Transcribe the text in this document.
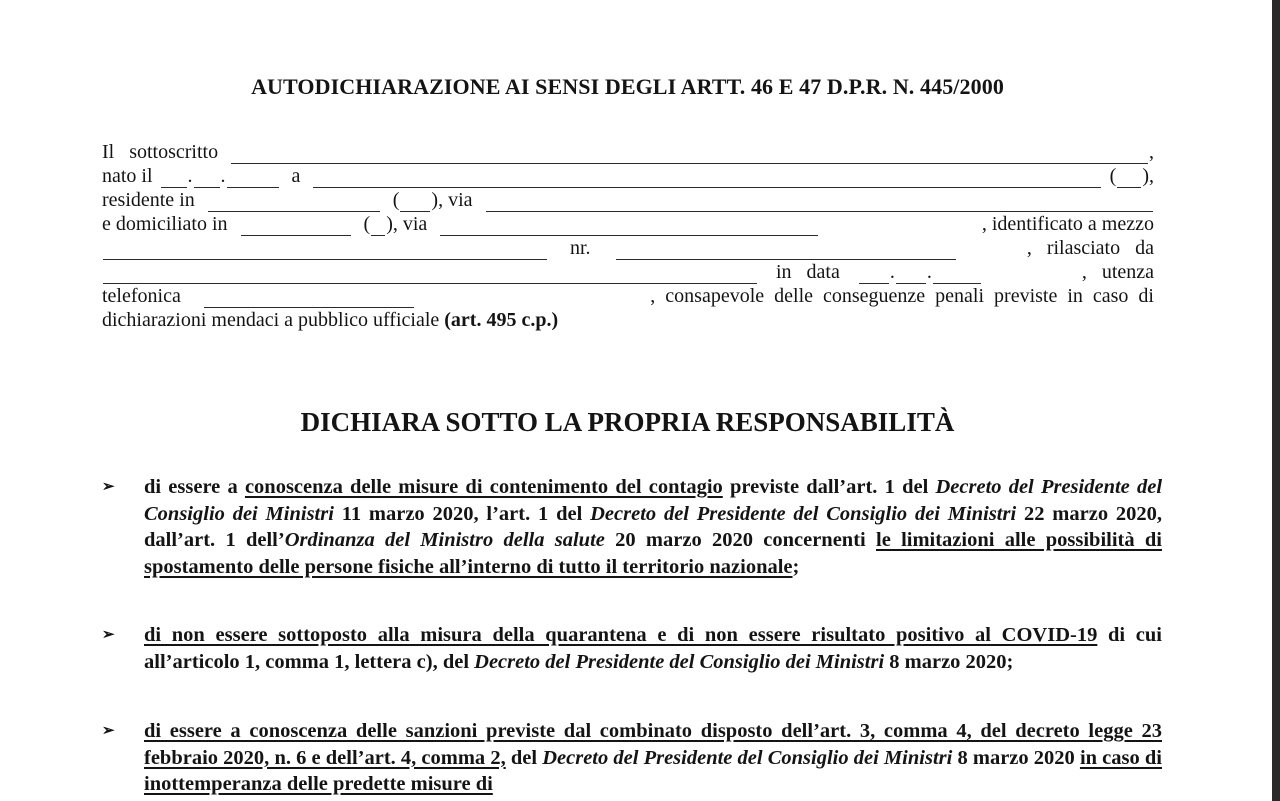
AUTODICHIARAZIONE AI SENSI DEGLI ARTT. 46 E 47 D.P.R. N. 445/2000
Il   sottoscritto	,
nato il . .	a	( ),
residente in	( ), via
e domiciliato in	( ), via	, identificato a mezzo
nr.	,   rilasciato   da
in   data	. .	,   utenza
telefonica	,  consapevole  delle  conseguenze  penali  previste  in  caso  di
dichiarazioni mendaci a pubblico ufficiale (art. 495 c.p.)
DICHIARA SOTTO LA PROPRIA RESPONSABILITÀ

➢ di essere a conoscenza delle misure di contenimento del contagio previste dall’art. 1 del Decreto del Presidente del Consiglio dei Ministri 11 marzo 2020, l’art. 1 del Decreto del Presidente del Consiglio dei Ministri 22 marzo 2020, dall’art. 1 dell’Ordinanza del Ministro della salute 20 marzo 2020 concernenti le limitazioni alle possibilità di spostamento delle persone fisiche all’interno di tutto il territorio nazionale;

➢ di non essere sottoposto alla misura della quarantena e di non essere risultato positivo al COVID-19 di cui all’articolo 1, comma 1, lettera c), del Decreto del Presidente del Consiglio dei Ministri 8 marzo 2020;

➢ di essere a conoscenza delle sanzioni previste dal combinato disposto dell’art. 3, comma 4, del decreto legge 23 febbraio 2020, n. 6 e dell’art. 4, comma 2, del Decreto del Presidente del Consiglio dei Ministri 8 marzo 2020 in caso di inottemperanza delle predette misure di
